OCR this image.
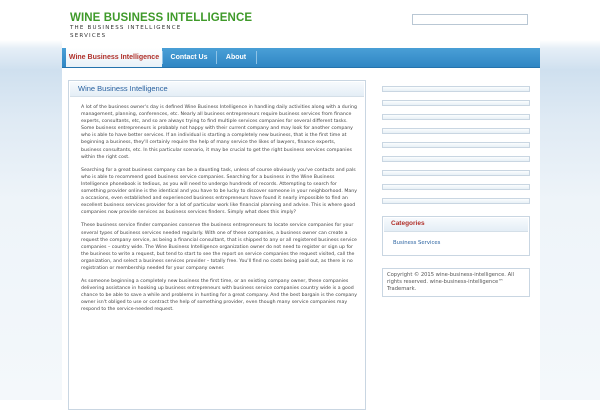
WINE BUSINESS INTELLIGENCE
THE BUSINESS INTELLIGENCE SERVICES
Wine Business Intelligence	Contact Us	About
Wine Business Intelligence

A lot of the business owner's day is defined Wine Business Intelligence in handling daily activities along with a during management, planning, conferences, etc. Nearly all business entrepreneurs require business services from finance experts, consultants, etc, and so are always trying to find multiple services companies for several different tasks. Some business entrepreneurs is probably not happy with their current company and may look for another company who is able to have better services. If an individual is starting a completely new business, that is the first time at beginning a business, they'll certainly require the help of many service the likes of lawyers, finance experts, business consultants, etc. In this particular scenario, it may be crucial to get the right business services companies within the right cost.

Searching for a great business company can be a daunting task, unless of course obviously you've contacts and pals who is able to recommend good business service companies. Searching for a business in the Wine Business Intelligence phonebook is tedious, as you will need to undergo hundreds of records. Attempting to search for something provider online is the identical and you have to be lucky to discover someone in your neighborhood. Many a occasions, even established and experienced business entrepreneurs have found it nearly impossible to find an excellent business services provider for a lot of particular work like financial planning and advise. This is where good companies now provide services as business services finders. Simply what does this imply?

These business service finder companies conserve the business entrepreneurs to locate service companies for your several types of business services needed regularly. With one of these companies, a business owner can create a request the company service, as being a financial consultant, that is shipped to any or all registered business service companies – country wide. The Wine Business Intelligence organization owner do not need to register or sign up for the business to write a request, but tend to start to see the report on service companies the request visited, call the organization, and select a business services provider – totally free. You'll find no costs being paid out, as there is no registration or membership needed for your company owner.

As someone beginning a completely new business the first time, or an existing company owner, these companies delivering assistance in hooking up business entrepreneurs with business service companies country wide is a good chance to be able to save a while and problems in hunting for a great company. And the best bargain is the company owner isn't obliged to use or contract the help of something provider, even though many service companies may respond to the service-needed request.

Categories
Business Services
Copyright © 2015 wine-business-intelligence. All rights reserved. wine-business-intelligence™ Trademark.
